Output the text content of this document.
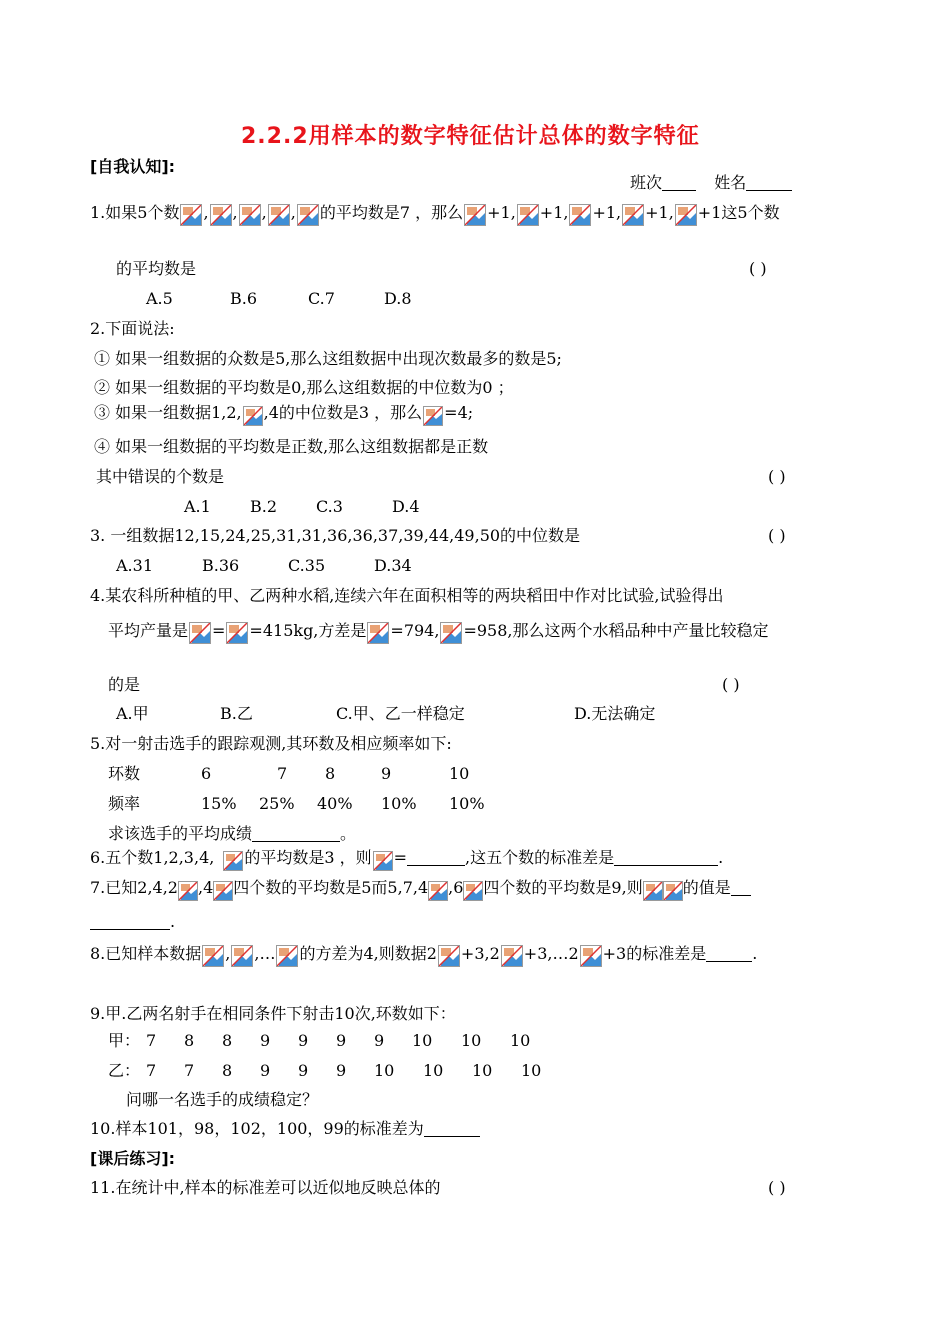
2.2.2用样本的数字特征估计总体的数字特征
[自我认知]:
班次	姓名
1.如果5个数 , , , , 的平均数是7 ，那么 +1, +1, +1, +1, +1这5个数
的平均数是	( )
A.5	B.6	C.7	D.8
2.下面说法:
① 如果一组数据的众数是5,那么这组数据中出现次数最多的数是5;
② 如果一组数据的平均数是0,那么这组数据的中位数为0 ；
③ 如果一组数据1,2, ,4的中位数是3 ，那么 =4;
④ 如果一组数据的平均数是正数,那么这组数据都是正数
其中错误的个数是	( )
A.1 B.2 C.3	D.4
3. 一组数据12,15,24,25,31,31,36,36,37,39,44,49,50的中位数是	( )
A.31	B.36	C.35	D.34
4.某农科所种植的甲、乙两种水稻,连续六年在面积相等的两块稻田中作对比试验,试验得出
平均产量是 = =415kg,方差是 =794, =958,那么这两个水稻品种中产量比较稳定
的是	( )
A.甲	B.乙	C.甲、乙一样稳定	D.无法确定
5.对一射击选手的跟踪观测,其环数及相应频率如下:
环数	6	7 8	9	10
频率	15% 25% 40% 10% 10%
求该选手的平均成绩	。
6.五个数1,2,3,4, 的平均数是3 ，则 =	,这五个数的标准差是	.
7.已知2,4,2 ,4 四个数的平均数是5而5,7,4 ,6 四个数的平均数是9,则	的值是
.
8.已知样本数据 , ,… 的方差为4,则数据2 +3,2 +3,…2 +3的标准差是	.
9.甲.乙两名射手在相同条件下射击10次,环数如下：
甲： 7 8 8 9 9 9 9 10 10 10
乙： 7 7 8 9 9 9 10 10 10 10
问哪一名选手的成绩稳定？
10.样本101，98，102，100，99的标准差为
[课后练习]:
11.在统计中,样本的标准差可以近似地反映总体的	( )
